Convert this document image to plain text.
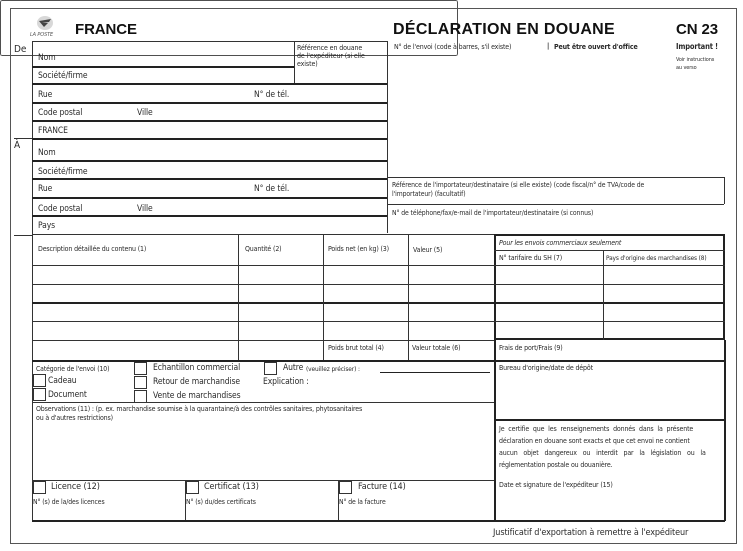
LA POSTE FRANCE	DÉCLARATION EN DOUANE	CN 23
Important !
Voir instructions
au verso
N° de l'envoi (code à barres, s'il existe)	| Peut être ouvert d'office
De
À
Nom
Société/firme
Référence en douane
de l'expéditeur (si elle
existe)
Rue	N° de tél.
Code postal	Ville
FRANCE
Nom
Société/firme
Rue	N° de tél.
Code postal	Ville
Pays
Référence de l'importateur/destinataire (si elle existe) (code fiscal/n° de TVA/code de
l'importateur) (facultatif)
N° de téléphone/fax/e-mail de l'importateur/destinataire (si connus)
Description détaillée du contenu (1)	Quantité (2)	Poids net (en kg) (3)	Valeur (5)
Pour les envois commerciaux seulement
N° tarifaire du SH (7)	Pays d'origine des marchandises (8)
Poids brut total (4)	Valeur totale (6)	Frais de port/Frais (9)
Catégorie de l'envoi (10)
Cadeau
Document
Echantillon commercial
Retour de marchandise
Vente de marchandises
Autre (veuillez préciser) :
Explication :
Bureau d'origine/date de dépôt
Observations (11) : (p. ex. marchandise soumise à la quarantaine/à des contrôles sanitaires, phytosanitaires
ou à d'autres restrictions)
Je certifie que les renseignements donnés dans la présente
déclaration en douane sont exacts et que cet envoi ne contient
aucun objet dangereux ou interdit par la législation ou la
réglementation postale ou douanière.
Date et signature de l'expéditeur (15)
Licence (12)
N° (s) de la/des licences
Certificat (13)
N° (s) du/des certificats
Facture (14)
N° de la facture
Justificatif d'exportation à remettre à l'expéditeur
